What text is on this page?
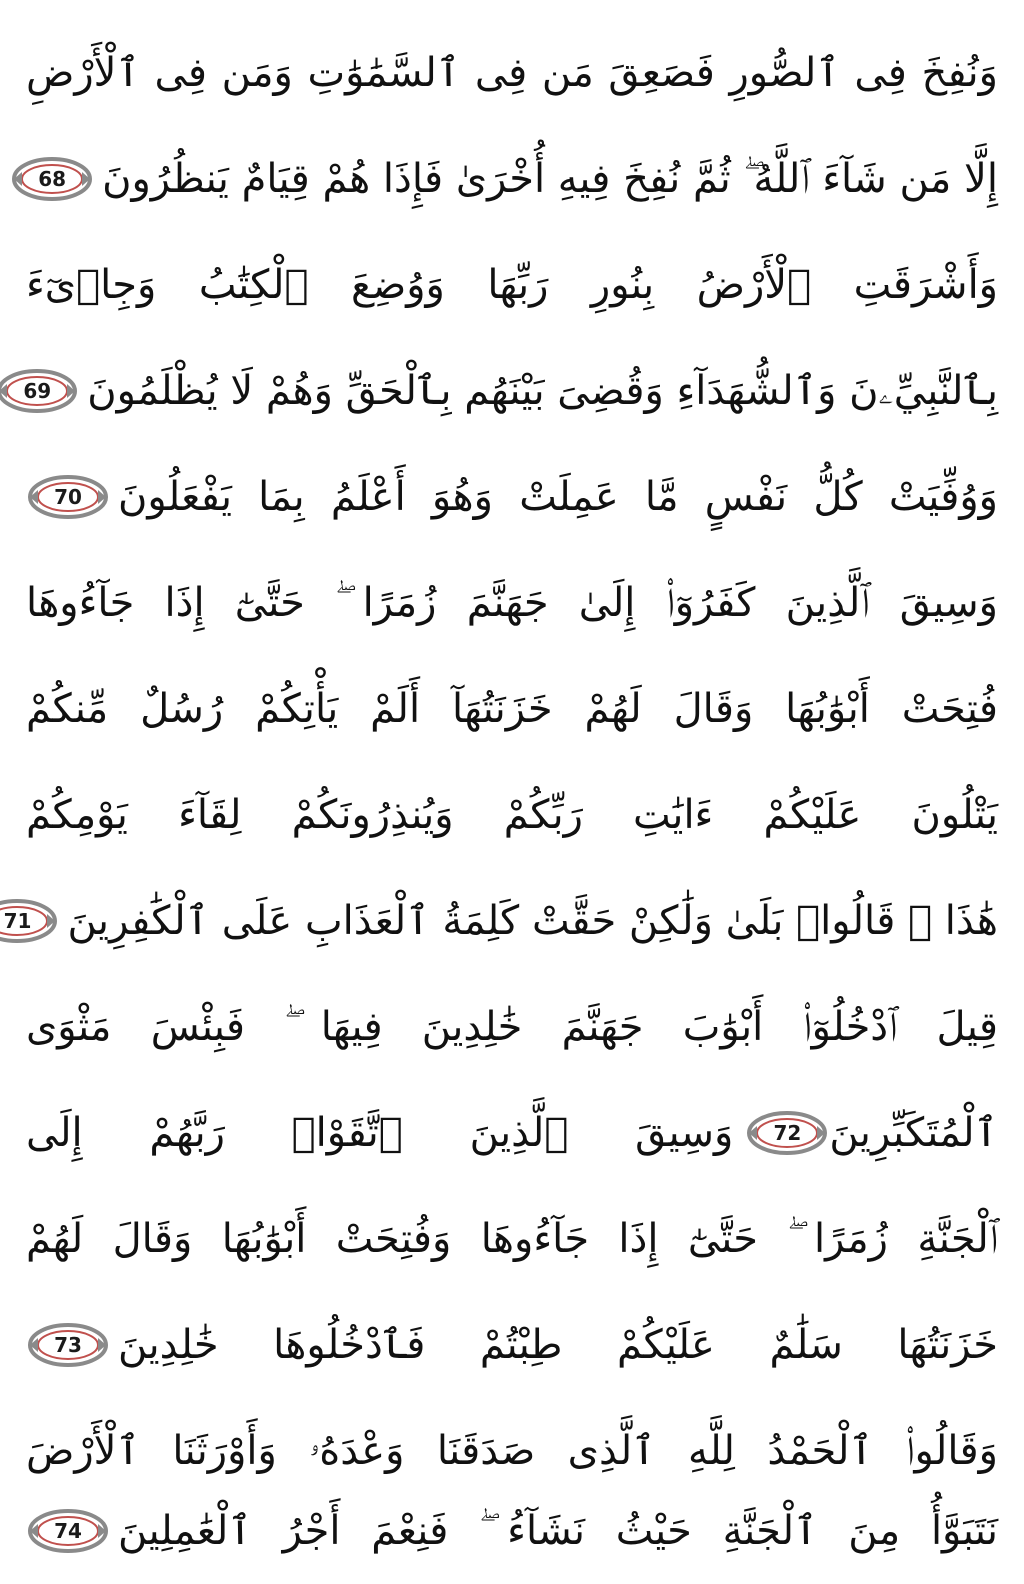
وَنُفِخَ فِى ٱلصُّورِ فَصَعِقَ مَن فِى ٱلسَّمَٰوَٰتِ وَمَن فِى ٱلْأَرْضِ
إِلَّا مَن شَآءَ ٱللَّهُ ۖ ثُمَّ نُفِخَ فِيهِ أُخْرَىٰ فَإِذَا هُمْ قِيَامٌ يَنظُرُونَ
68
وَأَشْرَقَتِ ٱلْأَرْضُ بِنُورِ رَبِّهَا وَوُضِعَ ٱلْكِتَٰبُ وَجِا۟ىٓءَ
بِٱلنَّبِيِّۦنَ وَٱلشُّهَدَآءِ وَقُضِىَ بَيْنَهُم بِٱلْحَقِّ وَهُمْ لَا يُظْلَمُونَ
69
وَوُفِّيَتْ كُلُّ نَفْسٍ مَّا عَمِلَتْ وَهُوَ أَعْلَمُ بِمَا يَفْعَلُونَ
70
وَسِيقَ ٱلَّذِينَ كَفَرُوٓا۟ إِلَىٰ جَهَنَّمَ زُمَرًا ۖ حَتَّىٰٓ إِذَا جَآءُوهَا
فُتِحَتْ أَبْوَٰبُهَا وَقَالَ لَهُمْ خَزَنَتُهَآ أَلَمْ يَأْتِكُمْ رُسُلٌ مِّنكُمْ
يَتْلُونَ عَلَيْكُمْ ءَايَٰتِ رَبِّكُمْ وَيُنذِرُونَكُمْ لِقَآءَ يَوْمِكُمْ
هَٰذَا ۚ قَالُوا۟ بَلَىٰ وَلَٰكِنْ حَقَّتْ كَلِمَةُ ٱلْعَذَابِ عَلَى ٱلْكَٰفِرِينَ
71
قِيلَ ٱدْخُلُوٓا۟ أَبْوَٰبَ جَهَنَّمَ خَٰلِدِينَ فِيهَا ۖ فَبِئْسَ مَثْوَى
ٱلْمُتَكَبِّرِينَ
72
وَسِيقَ ٱلَّذِينَ ٱتَّقَوْا۟ رَبَّهُمْ إِلَى
ٱلْجَنَّةِ زُمَرًا ۖ حَتَّىٰٓ إِذَا جَآءُوهَا وَفُتِحَتْ أَبْوَٰبُهَا وَقَالَ لَهُمْ
خَزَنَتُهَا سَلَٰمٌ عَلَيْكُمْ طِبْتُمْ فَٱدْخُلُوهَا خَٰلِدِينَ
73
وَقَالُوا۟ ٱلْحَمْدُ لِلَّهِ ٱلَّذِى صَدَقَنَا وَعْدَهُۥ وَأَوْرَثَنَا ٱلْأَرْضَ
نَتَبَوَّأُ مِنَ ٱلْجَنَّةِ حَيْثُ نَشَآءُ ۖ فَنِعْمَ أَجْرُ ٱلْعَٰمِلِينَ
74
